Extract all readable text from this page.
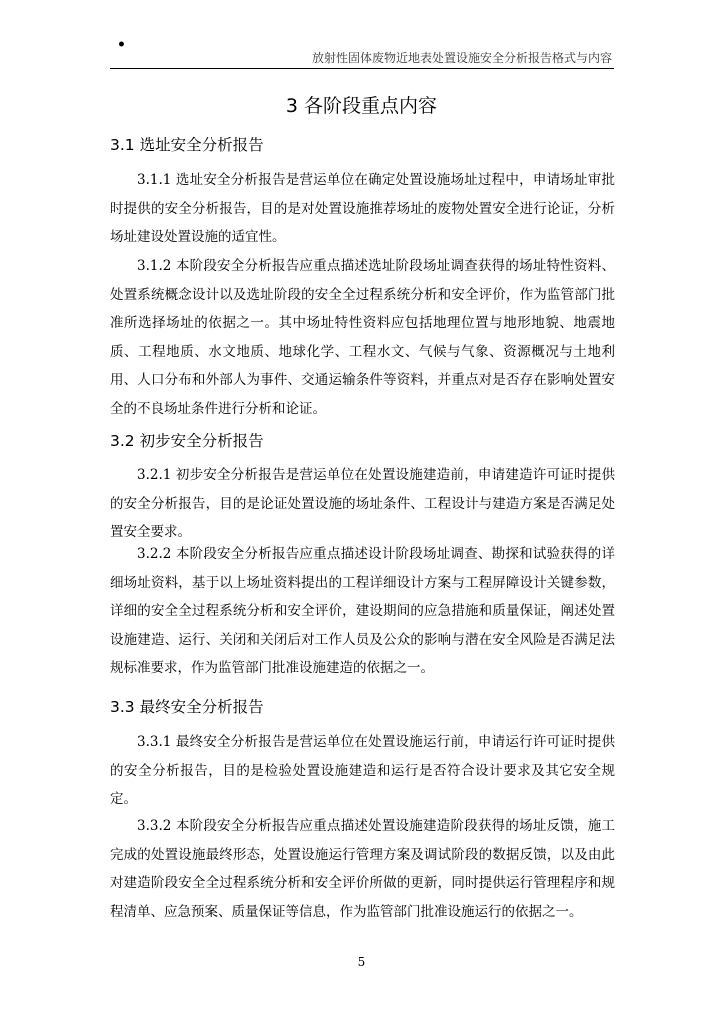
•
放射性固体废物近地表处置设施安全分析报告格式与内容
3 各阶段重点内容
3.1 选址安全分析报告

3.1.1 选址安全分析报告是营运单位在确定处置设施场址过程中，申请场址审批时提供的安全分析报告，目的是对处置设施推荐场址的废物处置安全进行论证，分析场址建设处置设施的适宜性。

3.1.2 本阶段安全分析报告应重点描述选址阶段场址调查获得的场址特性资料、处置系统概念设计以及选址阶段的安全全过程系统分析和安全评价，作为监管部门批准所选择场址的依据之一。其中场址特性资料应包括地理位置与地形地貌、地震地质、工程地质、水文地质、地球化学、工程水文、气候与气象、资源概况与土地利用、人口分布和外部人为事件、交通运输条件等资料，并重点对是否存在影响处置安全的不良场址条件进行分析和论证。

3.2 初步安全分析报告

3.2.1 初步安全分析报告是营运单位在处置设施建造前，申请建造许可证时提供的安全分析报告，目的是论证处置设施的场址条件、工程设计与建造方案是否满足处置安全要求。

3.2.2 本阶段安全分析报告应重点描述设计阶段场址调查、勘探和试验获得的详细场址资料，基于以上场址资料提出的工程详细设计方案与工程屏障设计关键参数，详细的安全全过程系统分析和安全评价，建设期间的应急措施和质量保证，阐述处置设施建造、运行、关闭和关闭后对工作人员及公众的影响与潜在安全风险是否满足法规标准要求，作为监管部门批准设施建造的依据之一。

3.3 最终安全分析报告

3.3.1 最终安全分析报告是营运单位在处置设施运行前，申请运行许可证时提供的安全分析报告，目的是检验处置设施建造和运行是否符合设计要求及其它安全规定。

3.3.2 本阶段安全分析报告应重点描述处置设施建造阶段获得的场址反馈，施工完成的处置设施最终形态，处置设施运行管理方案及调试阶段的数据反馈，以及由此对建造阶段安全全过程系统分析和安全评价所做的更新，同时提供运行管理程序和规程清单、应急预案、质量保证等信息，作为监管部门批准设施运行的依据之一。

5
